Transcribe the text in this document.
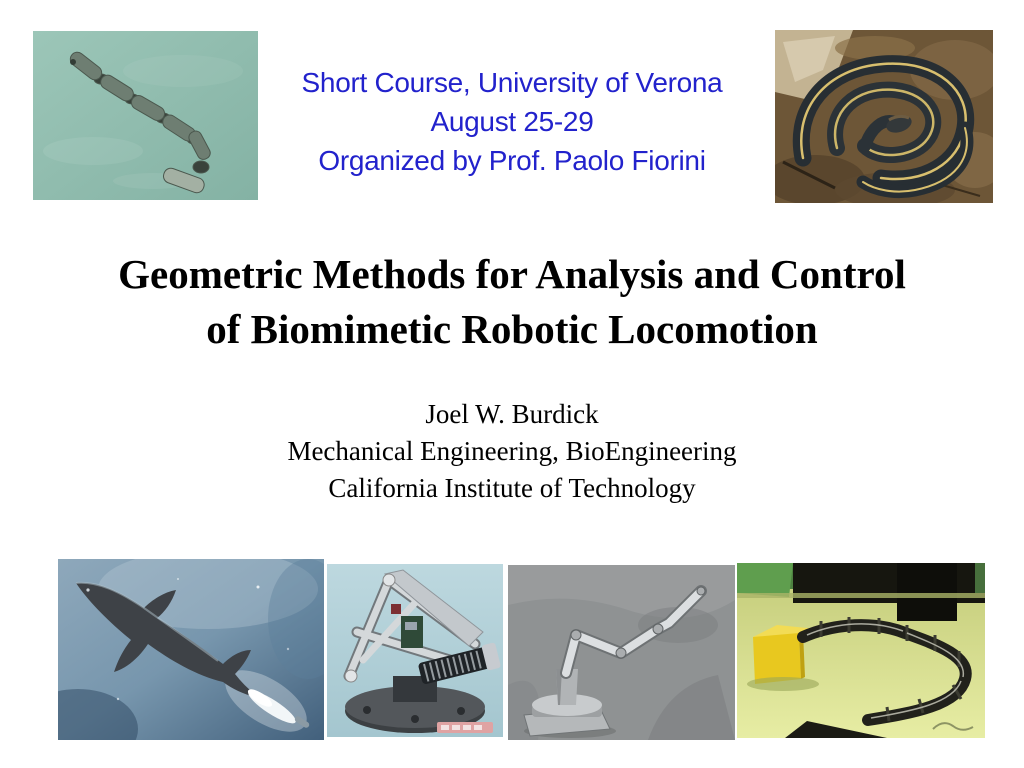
Short Course, University of Verona
August 25-29
Organized by Prof. Paolo Fiorini
Geometric Methods for Analysis and Control
of Biomimetic Robotic Locomotion
Joel W. Burdick
Mechanical Engineering, BioEngineering
California Institute of Technology
